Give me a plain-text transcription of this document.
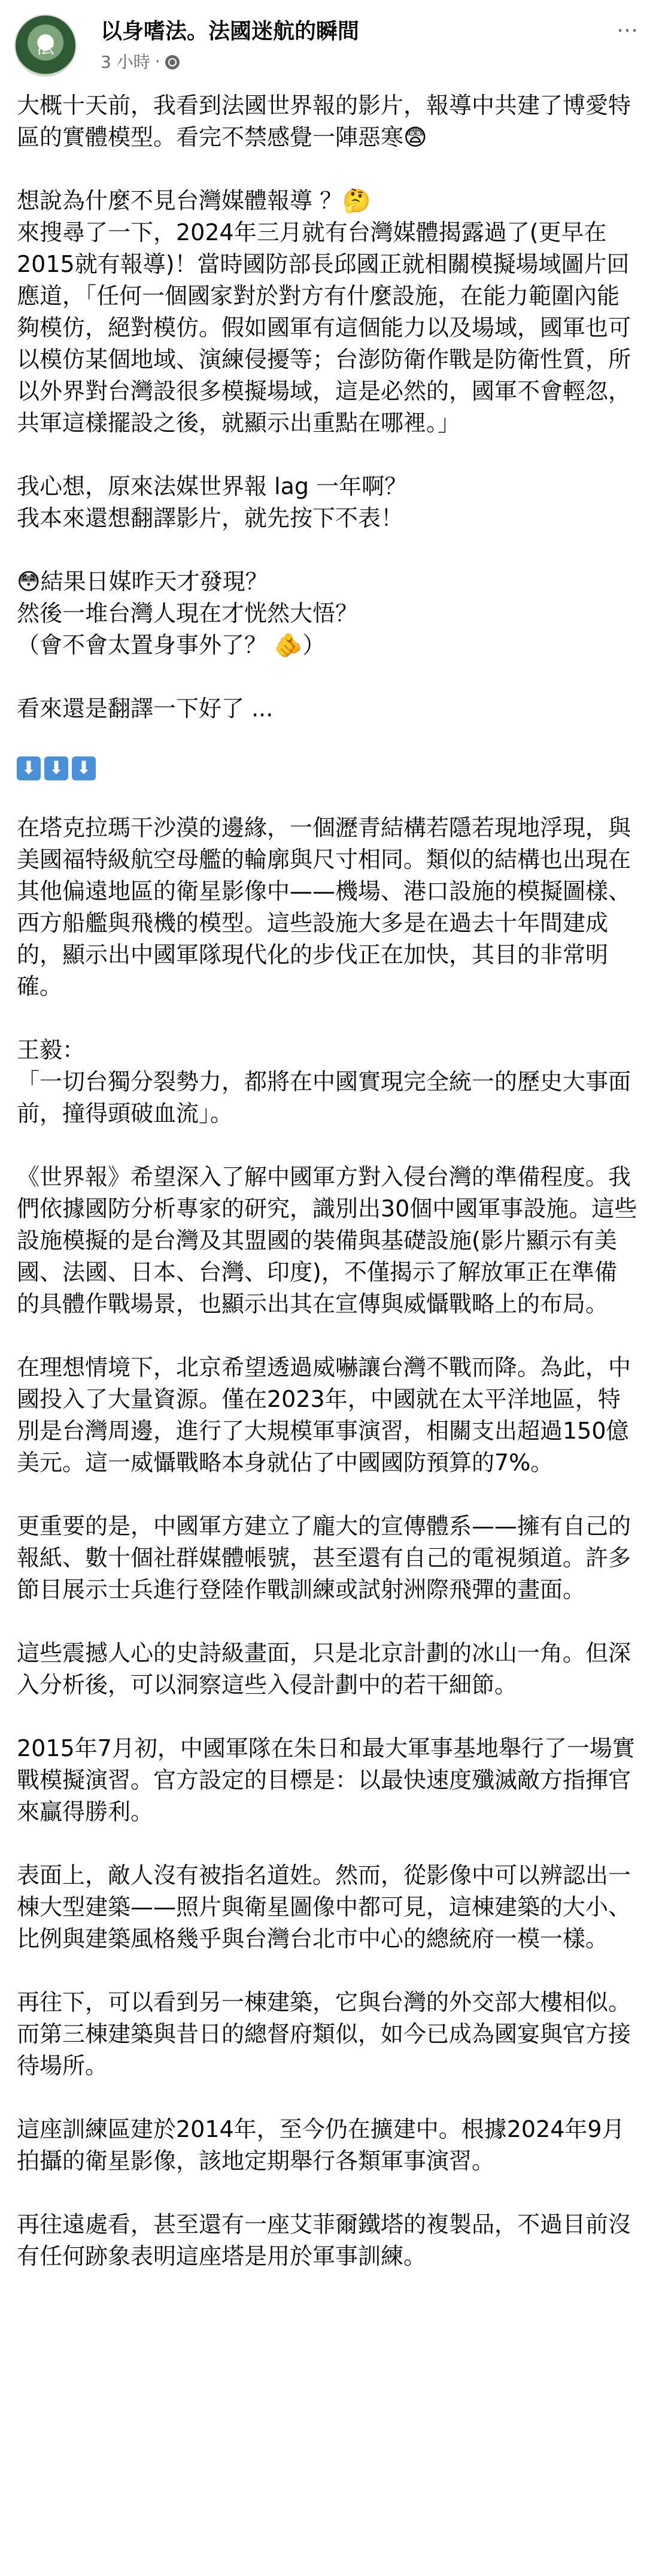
法
以身嗜法。法國迷航的瞬間
3 小時 ·
⋯

大概十天前，我看到法國世界報的影片，報導中共建了博愛特區的實體模型。看完不禁感覺一陣惡寒😨

想說為什麼不見台灣媒體報導 ？🤔
來搜尋了一下，2024年三月就有台灣媒體揭露過了(更早在2015就有報導)！當時國防部長邱國正就相關模擬場域圖片回應道，「任何一個國家對於對方有什麼設施，在能力範圍內能夠模仿，絕對模仿。假如國軍有這個能力以及場域，國軍也可以模仿某個地域、演練侵擾等；台澎防衛作戰是防衛性質，所以外界對台灣設很多模擬場域，這是必然的，國軍不會輕忽，共軍這樣擺設之後，就顯示出重點在哪裡。」

我心想，原來法媒世界報 lag 一年啊？
我本來還想翻譯影片，就先按下不表！

😳結果日媒昨天才發現？
然後一堆台灣人現在才恍然大悟？
（會不會太置身事外了？ 🫵）

看來還是翻譯一下好了 ...

⬇ ⬇ ⬇

在塔克拉瑪干沙漠的邊緣，一個瀝青結構若隱若現地浮現，與美國福特級航空母艦的輪廓與尺寸相同。類似的結構也出現在其他偏遠地區的衛星影像中——機場、港口設施的模擬圖樣、西方船艦與飛機的模型。這些設施大多是在過去十年間建成的，顯示出中國軍隊現代化的步伐正在加快，其目的非常明確。

王毅：
「一切台獨分裂勢力，都將在中國實現完全統一的歷史大事面前，撞得頭破血流」。

《世界報》希望深入了解中國軍方對入侵台灣的準備程度。我們依據國防分析專家的研究，識別出30個中國軍事設施。這些設施模擬的是台灣及其盟國的裝備與基礎設施(影片顯示有美國、法國、日本、台灣、印度)，不僅揭示了解放軍正在準備的具體作戰場景，也顯示出其在宣傳與威懾戰略上的布局。

在理想情境下，北京希望透過威嚇讓台灣不戰而降。為此，中國投入了大量資源。僅在2023年，中國就在太平洋地區，特別是台灣周邊，進行了大規模軍事演習，相關支出超過150億美元。這一威懾戰略本身就佔了中國國防預算的7%。

更重要的是，中國軍方建立了龐大的宣傳體系——擁有自己的報紙、數十個社群媒體帳號，甚至還有自己的電視頻道。許多節目展示士兵進行登陸作戰訓練或試射洲際飛彈的畫面。

這些震撼人心的史詩級畫面，只是北京計劃的冰山一角。但深入分析後，可以洞察這些入侵計劃中的若干細節。

2015年7月初，中國軍隊在朱日和最大軍事基地舉行了一場實戰模擬演習。官方設定的目標是：以最快速度殲滅敵方指揮官來贏得勝利。

表面上，敵人沒有被指名道姓。然而，從影像中可以辨認出一棟大型建築——照片與衛星圖像中都可見，這棟建築的大小、比例與建築風格幾乎與台灣台北市中心的總統府一模一樣。

再往下，可以看到另一棟建築，它與台灣的外交部大樓相似。而第三棟建築與昔日的總督府類似，如今已成為國宴與官方接待場所。

這座訓練區建於2014年，至今仍在擴建中。根據2024年9月拍攝的衛星影像，該地定期舉行各類軍事演習。

再往遠處看，甚至還有一座艾菲爾鐵塔的複製品，不過目前沒有任何跡象表明這座塔是用於軍事訓練。
